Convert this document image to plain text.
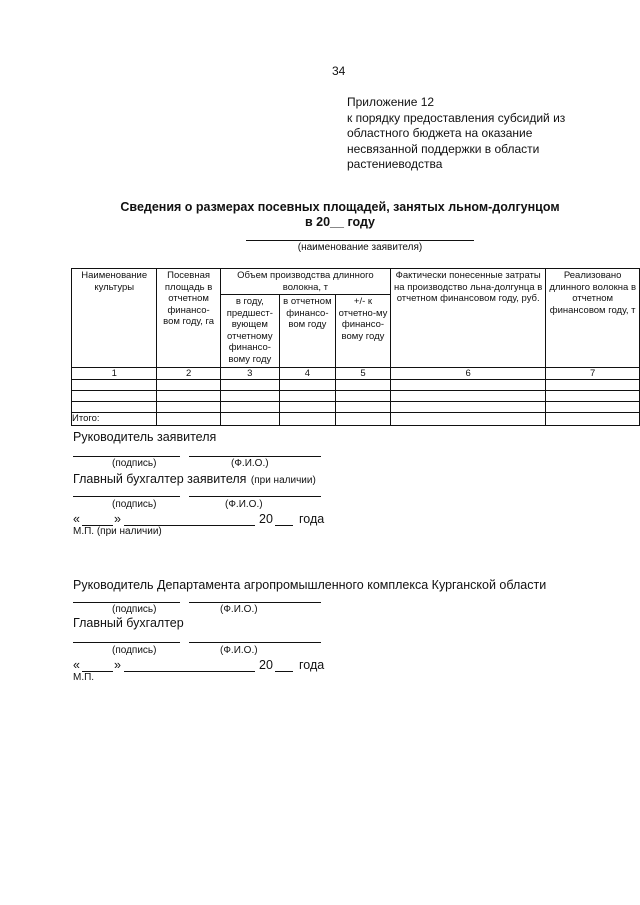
34
Приложение 12
к порядку предоставления субсидий из
областного бюджета на оказание
несвязанной поддержки в области
растениеводства
Сведения о размерах посевных площадей, занятых льном-долгунцом
в 20__ году
(наименование заявителя)
Наименование культуры	Посевная площадь в отчетном финансо-вом году, га	Объем производства длинного волокна, т			Фактически понесенные затраты на производство льна-долгунца в отчетном финансовом году, руб.	Реализовано длинного волокна в отчетном финансовом году, т
		в году, предшест-вующем отчетному финансо-вому году	в отчетном финансо-вом году	+/- к отчетно-му финансо-вому году		
1	2	3	4	5	6	7

Итого:						
Руководитель заявителя
(подпись)	(Ф.И.О.)
Главный бухгалтер заявителя (при наличии)
(подпись)	(Ф.И.О.)
«	»	20 года
М.П. (при наличии)
Руководитель Департамента агропромышленного комплекса Курганской области
(подпись)	(Ф.И.О.)
Главный бухгалтер
(подпись)	(Ф.И.О.)
«	»	20 года
М.П.
